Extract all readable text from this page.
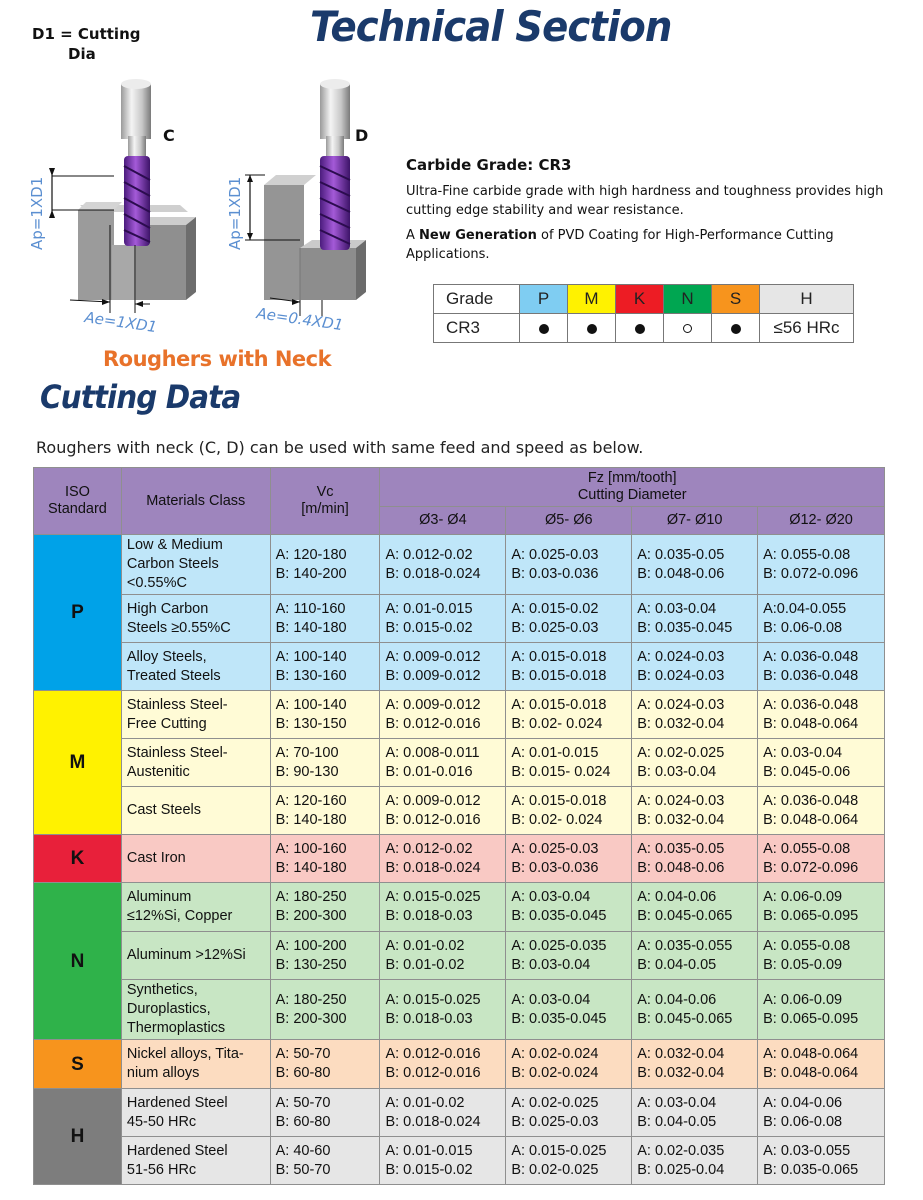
Technical Section
D1 = Cutting
Dia
C
Ap=1XD1
Ae=1XD1
D
Ap=1XD1
Ae=0.4XD1
Roughers with Neck
Carbide Grade: CR3
Ultra-Fine carbide grade with high hardness and toughness provides high cutting edge stability and wear resistance.
A New Generation of PVD Coating for High-Performance Cutting Applications.
Grade	P	M	K	N	S	H
CR3						≤56 HRc
Cutting Data
Roughers with neck (C, D) can be used with same feed and speed as below.
ISO
Standard	Materials Class	Vc
[m/min]	Fz [mm/tooth]
Cutting Diameter			

			Ø3- Ø4	Ø5- Ø6	Ø7- Ø10	Ø12- Ø20
P	Low & Medium
Carbon Steels
<0.55%C	A: 120-180
B: 140-200	A: 0.012-0.02
B: 0.018-0.024	A: 0.025-0.03
B: 0.03-0.036	A: 0.035-0.05
B: 0.048-0.06	A: 0.055-0.08
B: 0.072-0.096

	High Carbon
Steels ≥0.55%C	A: 110-160
B: 140-180	A: 0.01-0.015
B: 0.015-0.02	A: 0.015-0.02
B: 0.025-0.03	A: 0.03-0.04
B: 0.035-0.045	A:0.04-0.055
B: 0.06-0.08

	Alloy Steels,
Treated Steels	A: 100-140
B: 130-160	A: 0.009-0.012
B: 0.009-0.012	A: 0.015-0.018
B: 0.015-0.018	A: 0.024-0.03
B: 0.024-0.03	A: 0.036-0.048
B: 0.036-0.048

M	Stainless Steel-
Free Cutting	A: 100-140
B: 130-150	A: 0.009-0.012
B: 0.012-0.016	A: 0.015-0.018
B: 0.02- 0.024	A: 0.024-0.03
B: 0.032-0.04	A: 0.036-0.048
B: 0.048-0.064

	Stainless Steel-
Austenitic	A: 70-100
B: 90-130	A: 0.008-0.011
B: 0.01-0.016	A: 0.01-0.015
B: 0.015- 0.024	A: 0.02-0.025
B: 0.03-0.04	A: 0.03-0.04
B: 0.045-0.06

	Cast Steels	A: 120-160
B: 140-180	A: 0.009-0.012
B: 0.012-0.016	A: 0.015-0.018
B: 0.02- 0.024	A: 0.024-0.03
B: 0.032-0.04	A: 0.036-0.048
B: 0.048-0.064

K	Cast Iron	A: 100-160
B: 140-180	A: 0.012-0.02
B: 0.018-0.024	A: 0.025-0.03
B: 0.03-0.036	A: 0.035-0.05
B: 0.048-0.06	A: 0.055-0.08
B: 0.072-0.096

N	Aluminum
≤12%Si, Copper	A: 180-250
B: 200-300	A: 0.015-0.025
B: 0.018-0.03	A: 0.03-0.04
B: 0.035-0.045	A: 0.04-0.06
B: 0.045-0.065	A: 0.06-0.09
B: 0.065-0.095

	Aluminum >12%Si	A: 100-200
B: 130-250	A: 0.01-0.02
B: 0.01-0.02	A: 0.025-0.035
B: 0.03-0.04	A: 0.035-0.055
B: 0.04-0.05	A: 0.055-0.08
B: 0.05-0.09

	Synthetics,
Duroplastics,
Thermoplastics	A: 180-250
B: 200-300	A: 0.015-0.025
B: 0.018-0.03	A: 0.03-0.04
B: 0.035-0.045	A: 0.04-0.06
B: 0.045-0.065	A: 0.06-0.09
B: 0.065-0.095

S	Nickel alloys, Tita-
nium alloys	A: 50-70
B: 60-80	A: 0.012-0.016
B: 0.012-0.016	A: 0.02-0.024
B: 0.02-0.024	A: 0.032-0.04
B: 0.032-0.04	A: 0.048-0.064
B: 0.048-0.064

H	Hardened Steel
45-50 HRc	A: 50-70
B: 60-80	A: 0.01-0.02
B: 0.018-0.024	A: 0.02-0.025
B: 0.025-0.03	A: 0.03-0.04
B: 0.04-0.05	A: 0.04-0.06
B: 0.06-0.08

	Hardened Steel
51-56 HRc	A: 40-60
B: 50-70	A: 0.01-0.015
B: 0.015-0.02	A: 0.015-0.025
B: 0.02-0.025	A: 0.02-0.035
B: 0.025-0.04	A: 0.03-0.055
B: 0.035-0.065
